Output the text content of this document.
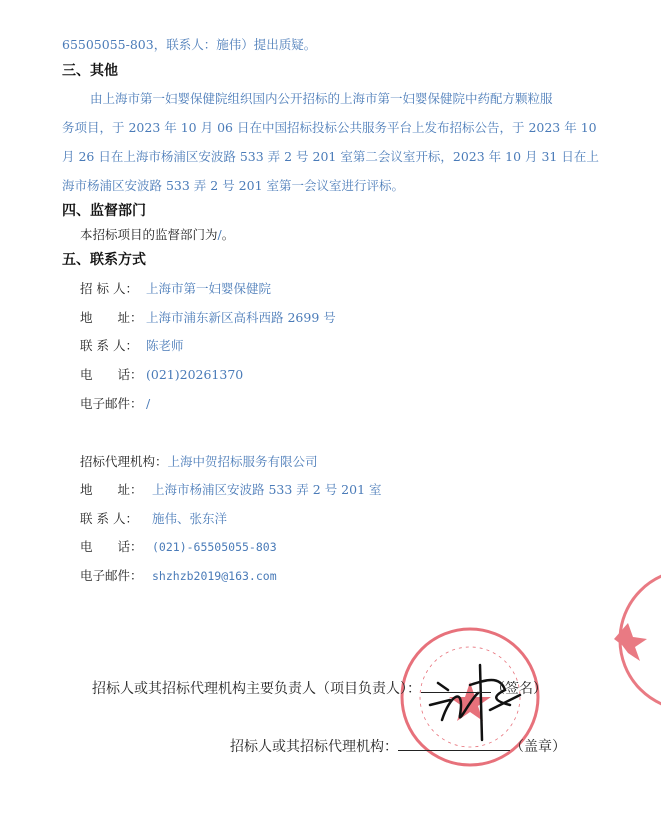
65505055-803，联系人：施伟）提出质疑。
三、其他
由上海市第一妇婴保健院组织国内公开招标的上海市第一妇婴保健院中药配方颗粒服
务项目，于 2023 年 10 月 06 日在中国招标投标公共服务平台上发布招标公告，于 2023 年 10
月 26 日在上海市杨浦区安波路 533 弄 2 号 201 室第二会议室开标，2023 年 10 月 31 日在上
海市杨浦区安波路 533 弄 2 号 201 室第一会议室进行评标。
四、监督部门
本招标项目的监督部门为/。
五、联系方式
招 标 人： 上海市第一妇婴保健院
地　　址： 上海市浦东新区高科西路 2699 号
联 系 人： 陈老师
电　　话： (021)20261370
电子邮件： /
招标代理机构：上海中贺招标服务有限公司
地　　址： 上海市杨浦区安波路 533 弄 2 号 201 室
联 系 人： 施伟、张东洋
电　　话： (021)-65505055-803
电子邮件： shzhzb2019@163.com
招标人或其招标代理机构主要负责人（项目负责人）：	（签名）
招标人或其招标代理机构：	（盖章）
